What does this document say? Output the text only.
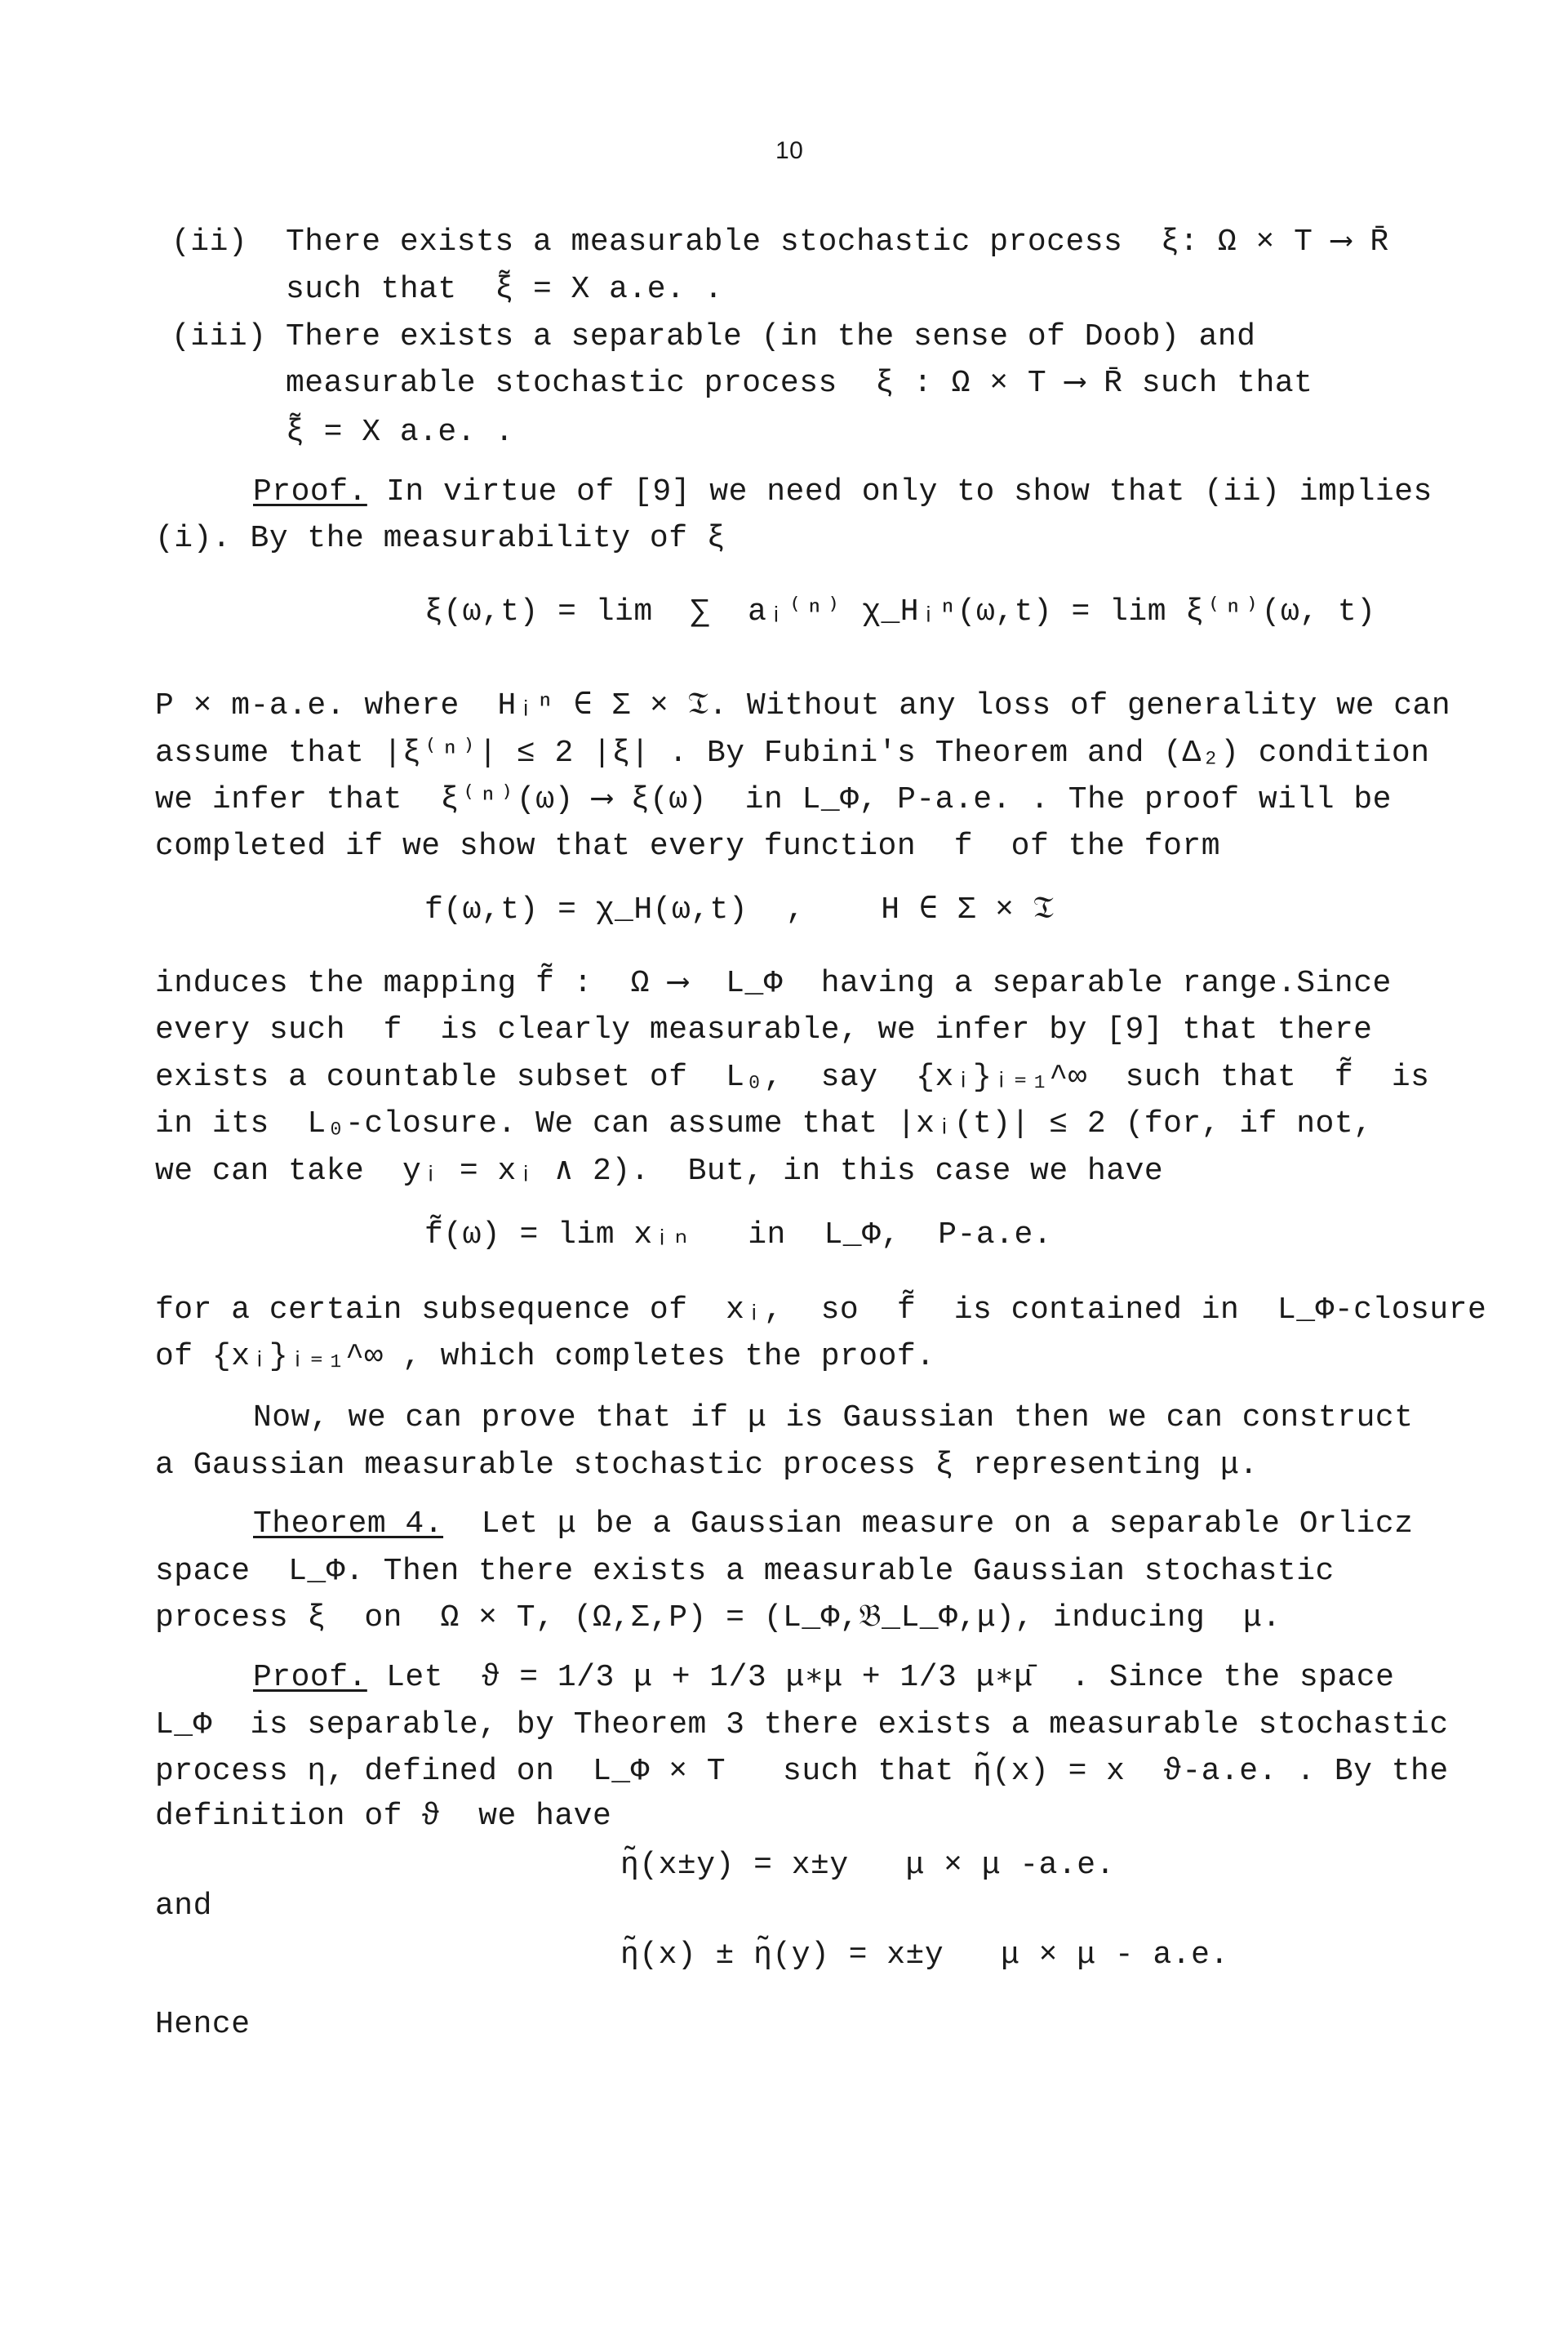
10
(ii) There exists a measurable stochastic process  ξ: Ω × T ⟶ R̄
such that  ξ̃ = X a.e. .
(iii) There exists a separable (in the sense of Doob) and
measurable stochastic process  ξ : Ω × T ⟶ R̄ such that
ξ̃ = X a.e. .
Proof. In virtue of [9] we need only to show that (ii) implies
(i). By the measurability of ξ
ξ(ω,t) = lim  ∑  aᵢ⁽ⁿ⁾ χ_Hᵢⁿ(ω,t) = lim ξ⁽ⁿ⁾(ω, t)
P × m-a.e. where  Hᵢⁿ ∈ Σ × 𝔗. Without any loss of generality we can
assume that |ξ⁽ⁿ⁾| ≤ 2 |ξ| . By Fubini's Theorem and (Δ₂) condition
we infer that  ξ⁽ⁿ⁾(ω) ⟶ ξ(ω)  in L_Φ, P-a.e. . The proof will be
completed if we show that every function  f  of the form
f(ω,t) = χ_H(ω,t)  ,    H ∈ Σ × 𝔗
induces the mapping f̃ :  Ω ⟶  L_Φ  having a separable range.Since
every such  f  is clearly measurable, we infer by [9] that there
exists a countable subset of  L₀,  say  {xᵢ}ᵢ₌₁^∞  such that  f̃  is
in its  L₀-closure. We can assume that |xᵢ(t)| ≤ 2 (for, if not,
we can take  yᵢ = xᵢ ∧ 2).  But, in this case we have
f̃(ω) = lim xᵢₙ   in  L_Φ,  P-a.e.
for a certain subsequence of  xᵢ,  so  f̃  is contained in  L_Φ-closure
of {xᵢ}ᵢ₌₁^∞ , which completes the proof.
Now, we can prove that if μ is Gaussian then we can construct
a Gaussian measurable stochastic process ξ representing μ.
Theorem 4.  Let μ be a Gaussian measure on a separable Orlicz
space  L_Φ. Then there exists a measurable Gaussian stochastic
process ξ  on  Ω × T, (Ω,Σ,P) = (L_Φ,𝔅_L_Φ,μ), inducing  μ.
Proof. Let  ϑ = 1/3 μ + 1/3 μ∗μ + 1/3 μ∗μ̄  . Since the space
L_Φ  is separable, by Theorem 3 there exists a measurable stochastic
process η, defined on  L_Φ × T   such that η̃(x) = x  ϑ-a.e. . By the
definition of ϑ  we have
η̃(x±y) = x±y   μ × μ -a.e.
and
η̃(x) ± η̃(y) = x±y   μ × μ - a.e.
Hence
